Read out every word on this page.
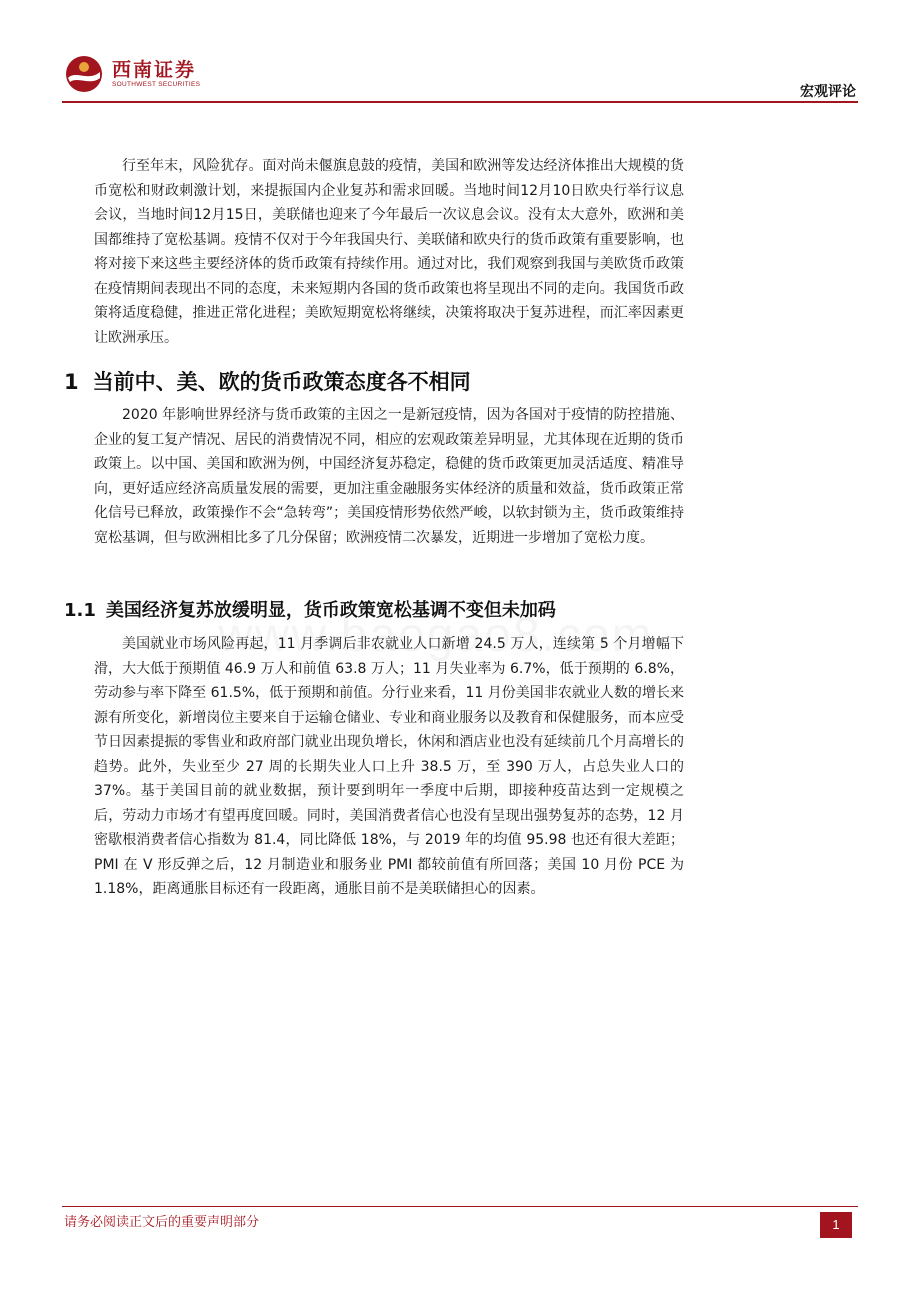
西南证券
SOUTHWEST SECURITIES	宏观评论

行至年末，风险犹存。面对尚未偃旗息鼓的疫情，美国和欧洲等发达经济体推出大规模的货币宽松和财政刺激计划，来提振国内企业复苏和需求回暖。当地时间12月10日欧央行举行议息会议，当地时间12月15日，美联储也迎来了今年最后一次议息会议。没有太大意外，欧洲和美国都维持了宽松基调。疫情不仅对于今年我国央行、美联储和欧央行的货币政策有重要影响，也将对接下来这些主要经济体的货币政策有持续作用。通过对比，我们观察到我国与美欧货币政策在疫情期间表现出不同的态度，未来短期内各国的货币政策也将呈现出不同的走向。我国货币政策将适度稳健，推进正常化进程；美欧短期宽松将继续，决策将取决于复苏进程，而汇率因素更让欧洲承压。

1 当前中、美、欧的货币政策态度各不相同

2020 年影响世界经济与货币政策的主因之一是新冠疫情，因为各国对于疫情的防控措施、企业的复工复产情况、居民的消费情况不同，相应的宏观政策差异明显，尤其体现在近期的货币政策上。以中国、美国和欧洲为例，中国经济复苏稳定，稳健的货币政策更加灵活适度、精准导向，更好适应经济高质量发展的需要，更加注重金融服务实体经济的质量和效益，货币政策正常化信号已释放，政策操作不会“急转弯”；美国疫情形势依然严峻，以软封锁为主，货币政策维持宽松基调，但与欧洲相比多了几分保留；欧洲疫情二次暴发，近期进一步增加了宽松力度。

1.1 美国经济复苏放缓明显，货币政策宽松基调不变但未加码

美国就业市场风险再起，11 月季调后非农就业人口新增 24.5 万人，连续第 5 个月增幅下滑，大大低于预期值 46.9 万人和前值 63.8 万人；11 月失业率为 6.7%，低于预期的 6.8%，劳动参与率下降至 61.5%，低于预期和前值。分行业来看，11 月份美国非农就业人数的增长来源有所变化，新增岗位主要来自于运输仓储业、专业和商业服务以及教育和保健服务，而本应受节日因素提振的零售业和政府部门就业出现负增长，休闲和酒店业也没有延续前几个月高增长的趋势。此外，失业至少 27 周的长期失业人口上升 38.5 万，至 390 万人，占总失业人口的 37%。基于美国目前的就业数据，预计要到明年一季度中后期，即接种疫苗达到一定规模之后，劳动力市场才有望再度回暖。同时，美国消费者信心也没有呈现出强势复苏的态势，12 月密歇根消费者信心指数为 81.4，同比降低 18%，与 2019 年的均值 95.98 也还有很大差距；PMI 在 V 形反弹之后，12 月制造业和服务业 PMI 都较前值有所回落；美国 10 月份 PCE 为 1.18%，距离通胀目标还有一段距离，通胀目前不是美联储担心的因素。

请务必阅读正文后的重要声明部分	1
